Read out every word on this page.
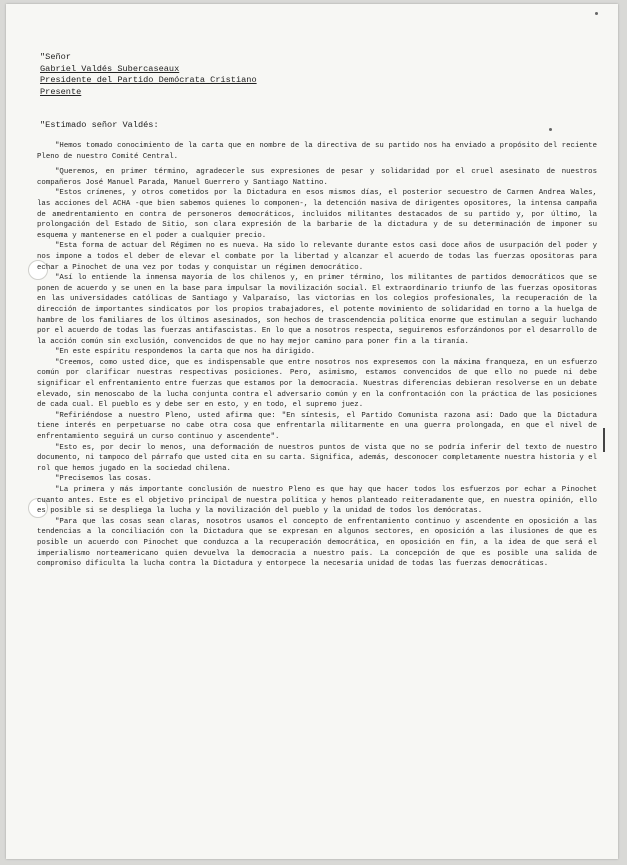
"Señor
Gabriel Valdés Subercaseaux
Presidente del Partido Demócrata Cristiano
Presente
"Estimado señor Valdés:

"Hemos tomado conocimiento de la carta que en nombre de la directiva de su partido nos ha enviado a propósito del reciente Pleno de nuestro Comité Central.

"Queremos, en primer término, agradecerle sus expresiones de pesar y solidaridad por el cruel asesinato de nuestros compañeros José Manuel Parada, Manuel Guerrero y Santiago Nattino.

"Estos crímenes, y otros cometidos por la Dictadura en esos mismos días, el posterior secuestro de Carmen Andrea Wales, las acciones del ACHA -que bien sabemos quienes lo componen-, la detención masiva de dirigentes opositores, la intensa campaña de amedrentamiento en contra de personeros democráticos, incluidos militantes destacados de su partido y, por último, la prolongación del Estado de Sitio, son clara expresión de la barbarie de la dictadura y de su determinación de imponer su esquema y mantenerse en el poder a cualquier precio.

"Esta forma de actuar del Régimen no es nueva. Ha sido lo relevante durante estos casi doce años de usurpación del poder y nos impone a todos el deber de elevar el combate por la libertad y alcanzar el acuerdo de todas las fuerzas opositoras para echar a Pinochet de una vez por todas y conquistar un régimen democrático.

"Así lo entiende la inmensa mayoría de los chilenos y, en primer término, los militantes de partidos democráticos que se ponen de acuerdo y se unen en la base para impulsar la movilización social. El extraordinario triunfo de las fuerzas opositoras en las universidades católicas de Santiago y Valparaíso, las victorias en los colegios profesionales, la recuperación de la dirección de importantes sindicatos por los propios trabajadores, el potente movimiento de solidaridad en torno a la huelga de hambre de los familiares de los últimos asesinados, son hechos de trascendencia política enorme que estimulan a seguir luchando por el acuerdo de todas las fuerzas antifascistas. En lo que a nosotros respecta, seguiremos esforzándonos por el desarrollo de la acción común sin exclusión, convencidos de que no hay mejor camino para poner fin a la tiranía.

"En este espíritu respondemos la carta que nos ha dirigido.

"Creemos, como usted dice, que es indispensable que entre nosotros nos expresemos con la máxima franqueza, en un esfuerzo común por clarificar nuestras respectivas posiciones. Pero, asimismo, estamos convencidos de que ello no puede ni debe significar el enfrentamiento entre fuerzas que estamos por la democracia. Nuestras diferencias debieran resolverse en un debate elevado, sin menoscabo de la lucha conjunta contra el adversario común y en la confrontación con la práctica de las posiciones de cada cual. El pueblo es y debe ser en esto, y en todo, el supremo juez.

"Refiriéndose a nuestro Pleno, usted afirma que: "En síntesis, el Partido Comunista razona así: Dado que la Dictadura tiene interés en perpetuarse no cabe otra cosa que enfrentarla militarmente en una guerra prolongada, en que el nivel de enfrentamiento seguirá un curso continuo y ascendente".

"Esto es, por decir lo menos, una deformación de nuestros puntos de vista que no se podría inferir del texto de nuestro documento, ni tampoco del párrafo que usted cita en su carta. Significa, además, desconocer completamente nuestra historia y el rol que hemos jugado en la sociedad chilena.

"Precisemos las cosas.

"La primera y más importante conclusión de nuestro Pleno es que hay que hacer todos los esfuerzos por echar a Pinochet cuanto antes. Este es el objetivo principal de nuestra política y hemos planteado reiteradamente que, en nuestra opinión, ello es posible si se despliega la lucha y la movilización del pueblo y la unidad de todos los demócratas.

"Para que las cosas sean claras, nosotros usamos el concepto de enfrentamiento continuo y ascendente en oposición a las tendencias a la conciliación con la Dictadura que se expresan en algunos sectores, en oposición a las ilusiones de que es posible un acuerdo con Pinochet que conduzca a la recuperación democrática, en oposición en fin, a la idea de que será el imperialismo norteamericano quien devuelva la democracia a nuestro país. La concepción de que es posible una salida de compromiso dificulta la lucha contra la Dictadura y entorpece la necesaria unidad de todas las fuerzas democráticas.
